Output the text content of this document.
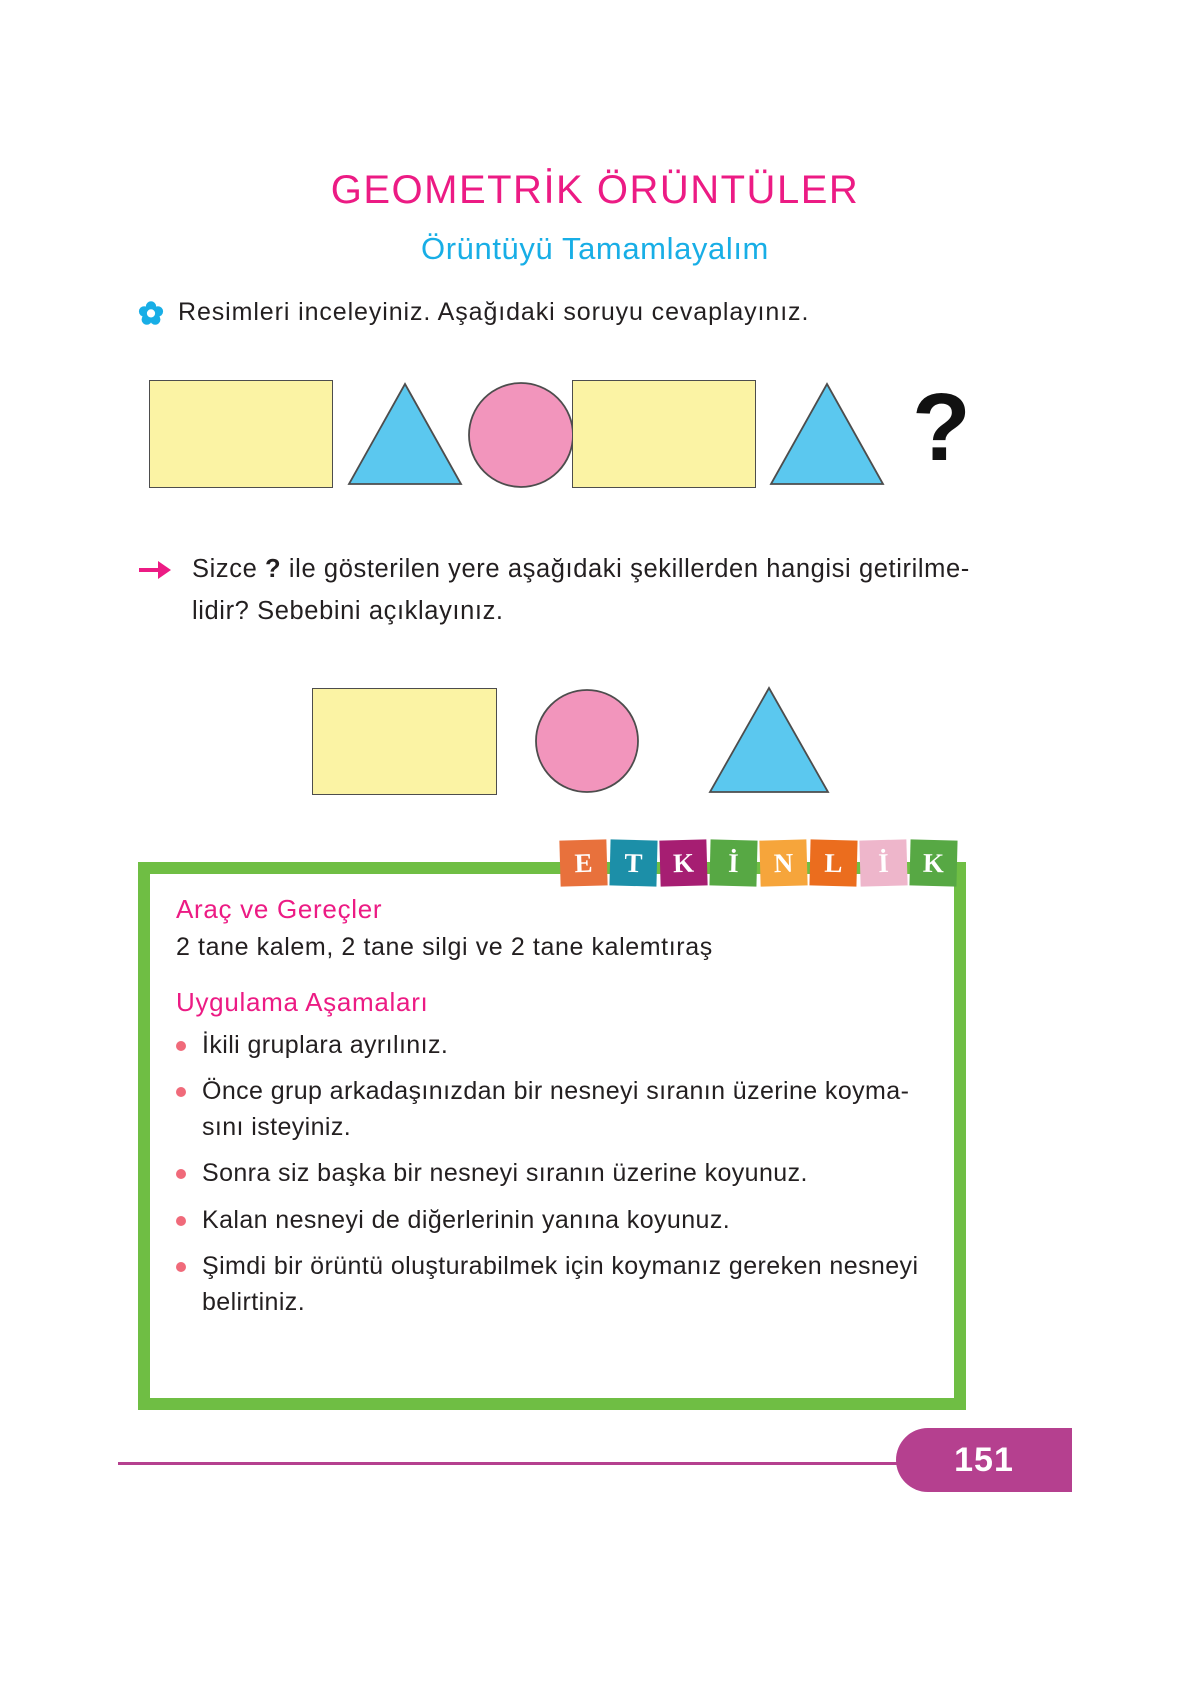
GEOMETRİK ÖRÜNTÜLER
Örüntüyü Tamamlayalım
Resimleri inceleyiniz. Aşağıdaki soruyu cevaplayınız.
?
Sizce ? ile gösterilen yere aşağıdaki şekillerden hangisi getirilme- lidir? Sebebini açıklayınız.
E T K İ N L İ K

Araç ve Gereçler

2 tane kalem, 2 tane silgi ve 2 tane kalemtıraş

Uygulama Aşamaları

İkili gruplara ayrılınız.
Önce grup arkadaşınızdan bir nesneyi sıranın üzerine koyma-sını isteyiniz.
Sonra siz başka bir nesneyi sıranın üzerine koyunuz.
Kalan nesneyi de diğerlerinin yanına koyunuz.
Şimdi bir örüntü oluşturabilmek için koymanız gereken nesneyi belirtiniz.
151
